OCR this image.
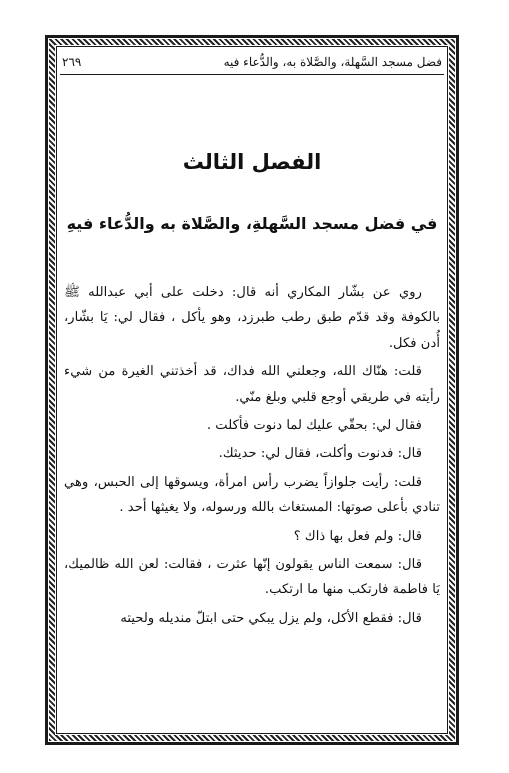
فضل مسجد السَّهلة، والصَّلاة به، والدُّعاء فيه
٢٦٩
الفصل الثالث
في فضل مسجد السَّهلةِ، والصَّلاة به والدُّعاء فيهِ

روي عن بشّار المكاري أنه قال: دخلت على أبي عبدالله ﷺ بالكوفة وقد قدّم طبق رطب طبرزد، وهو يأكل ، فقال لي: يَا بشّار، أُدن فكل.

قلت: هنّاك الله، وجعلني الله فداك، قد أخذتني الغيرة من شيء رأيته في طريقي أوجع قلبي وبلغ منّي.

فقال لي: بحقّي عليك لما دنوت فأكلت .

قال: فدنوت وأكلت، فقال لي: حديثك.

قلت: رأيت جلوازاً يضرب رأس امرأة، ويسوقها إلى الحبس، وهي تنادي بأعلى صوتها: المستغاث بالله ورسوله، ولا يغيثها أحد .

قال: ولم فعل بها ذاك ؟

قال: سمعت الناس يقولون إنّها عثرت ، فقالت: لعن الله ظالميك، يَا فاطمة فارتكب منها ما ارتكب.

قال: فقطع الأكل، ولم يزل يبكي حتى ابتلّ منديله ولحيته
